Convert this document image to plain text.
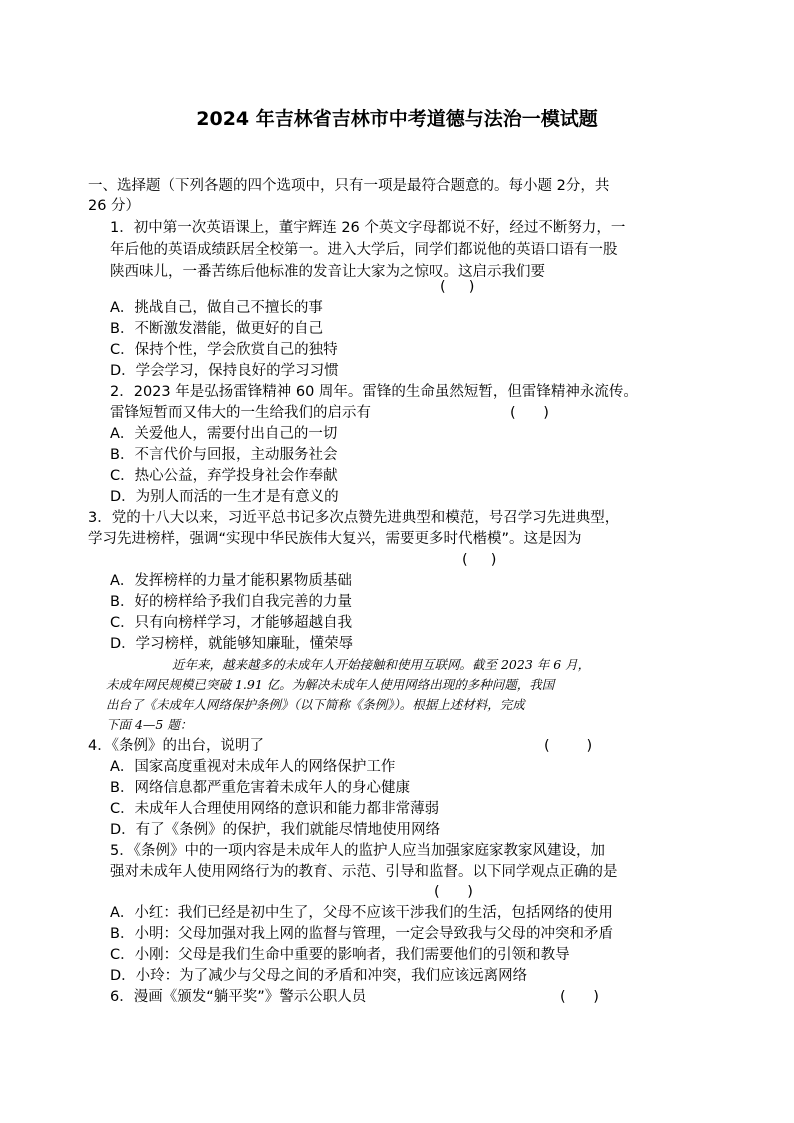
2024 年吉林省吉林市中考道德与法治一模试题
一、选择题（下列各题的四个选项中，只有一项是最符合题意的。每小题 2分，共
26 分）
1．初中第一次英语课上，董宇辉连 26 个英文字母都说不好，经过不断努力，一
年后他的英语成绩跃居全校第一。进入大学后，同学们都说他的英语口语有一股
陕西味儿，一番苦练后他标准的发音让大家为之惊叹。这启示我们要
(     )
A．挑战自己，做自己不擅长的事
B．不断激发潜能，做更好的自己
C．保持个性，学会欣赏自己的独特
D．学会学习，保持良好的学习习惯
2．2023 年是弘扬雷锋精神 60 周年。雷锋的生命虽然短暂，但雷锋精神永流传。
雷锋短暂而又伟大的一生给我们的启示有	(      )
A．关爱他人，需要付出自己的一切
B．不言代价与回报，主动服务社会
C．热心公益，弃学投身社会作奉献
D．为别人而活的一生才是有意义的
3．党的十八大以来，习近平总书记多次点赞先进典型和模范，号召学习先进典型，
学习先进榜样，强调“实现中华民族伟大复兴，需要更多时代楷模”。这是因为
(     )
A．发挥榜样的力量才能积累物质基础
B．好的榜样给予我们自我完善的力量
C．只有向榜样学习，才能够超越自我
D．学习榜样，就能够知廉耻，懂荣辱
近年来，越来越多的未成年人开始接触和使用互联网。截至 2023 年 6 月，
未成年网民规模已突破 1.91 亿。为解决未成年人使用网络出现的多种问题，我国
出台了《未成年人网络保护条例》（以下简称《条例》）。根据上述材料，完成
下面 4—5 题：
4．《条例》的出台，说明了	(        )
A．国家高度重视对未成年人的网络保护工作
B．网络信息都严重危害着未成年人的身心健康
C．未成年人合理使用网络的意识和能力都非常薄弱
D．有了《条例》的保护，我们就能尽情地使用网络
5．《条例》中的一项内容是未成年人的监护人应当加强家庭家教家风建设，加
强对未成年人使用网络行为的教育、示范、引导和监督。以下同学观点正确的是
(      )
A．小红：我们已经是初中生了，父母不应该干涉我们的生活，包括网络的使用
B．小明：父母加强对我上网的监督与管理，一定会导致我与父母的冲突和矛盾
C．小刚：父母是我们生命中重要的影响者，我们需要他们的引领和教导
D．小玲：为了减少与父母之间的矛盾和冲突，我们应该远离网络
6．漫画《颁发“躺平奖”》警示公职人员	(      )
